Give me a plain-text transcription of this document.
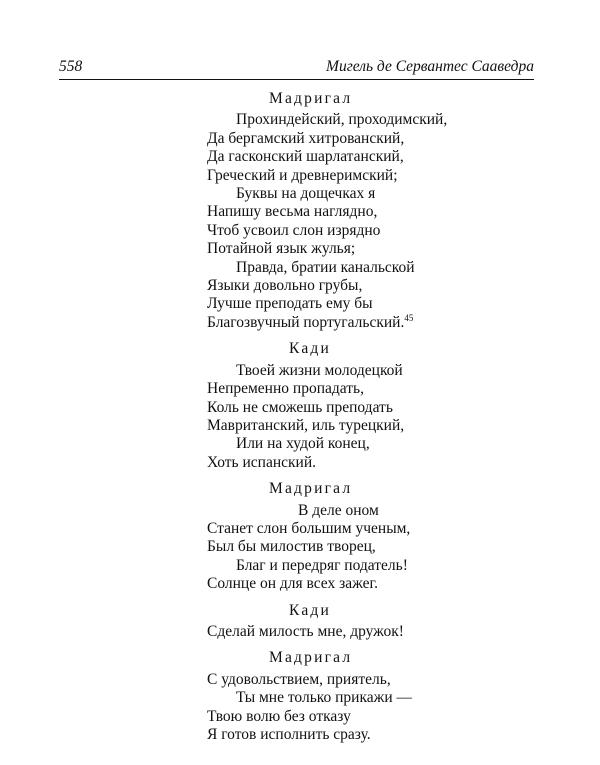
558	Мигель де Сервантес Сааведра
Мадригал
Прохиндейский, проходимский,
Да бергамский хитрованский,
Да гасконский шарлатанский,
Греческий и древнеримский;
Буквы на дощечках я
Напишу весьма наглядно,
Чтоб усвоил слон изрядно
Потайной язык жулья;
Правда, братии канальской
Языки довольно грубы,
Лучше преподать ему бы
Благозвучный португальский.$^{45}$
Кади
Твоей жизни молодецкой
Непременно пропадать,
Коль не сможешь преподать
Мавританский, иль турецкий,
Или на худой конец,
Хоть испанский.
Мадригал
В деле оном
Станет слон большим ученым,
Был бы милостив творец,
Благ и передряг податель!
Солнце он для всех зажег.
Кади
Сделай милость мне, дружок!
Мадригал
С удовольствием, приятель,
Ты мне только прикажи —
Твою волю без отказу
Я готов исполнить сразу.
